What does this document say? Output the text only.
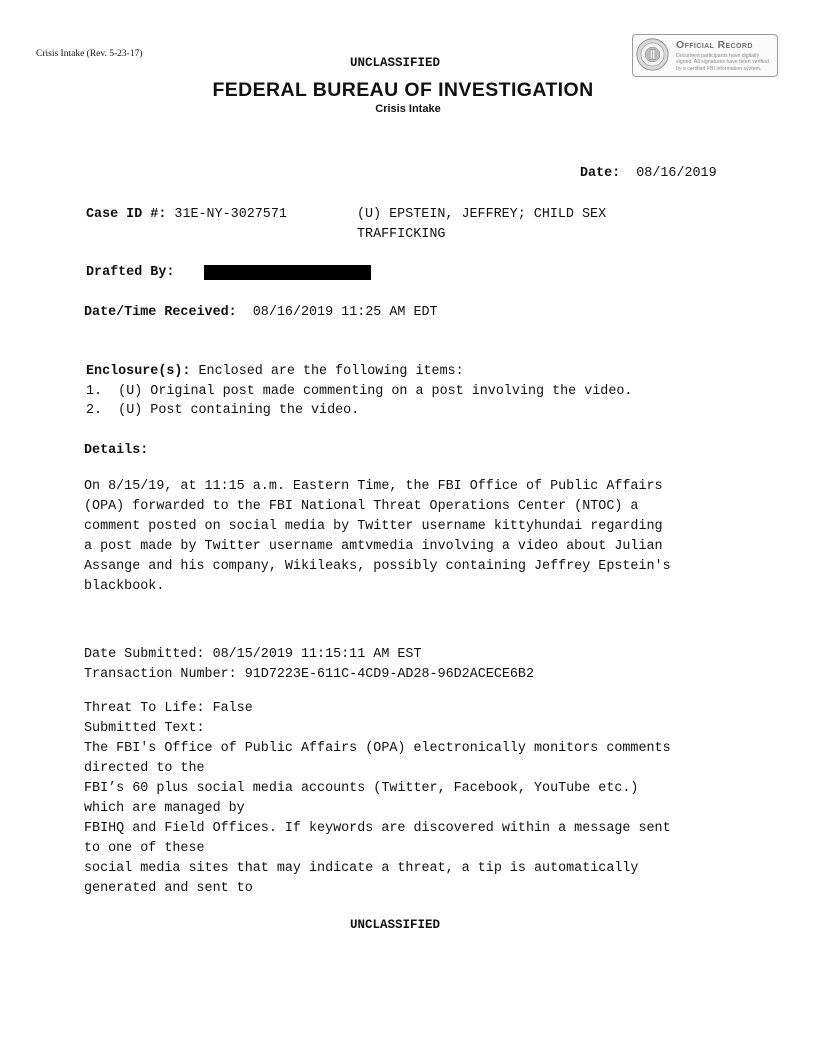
Crisis Intake (Rev. 5-23-17)
UNCLASSIFIED
FEDERAL BUREAU OF INVESTIGATION
Crisis Intake
Official Record
Document participants have digitally signed. All signatures have been verified by a certified FBI information system.
Date: 08/16/2019
Case ID #: 31E-NY-3027571	(U) EPSTEIN, JEFFREY; CHILD SEX
TRAFFICKING
Drafted By:
Date/Time Received: 08/16/2019 11:25 AM EDT
Enclosure(s): Enclosed are the following items:
1. (U) Original post made commenting on a post involving the video.
2. (U) Post containing the video.
Details:
On 8/15/19, at 11:15 a.m. Eastern Time, the FBI Office of Public Affairs
(OPA) forwarded to the FBI National Threat Operations Center (NTOC) a
comment posted on social media by Twitter username kittyhundai regarding
a post made by Twitter username amtvmedia involving a video about Julian
Assange and his company, Wikileaks, possibly containing Jeffrey Epstein's
blackbook.
Date Submitted: 08/15/2019 11:15:11 AM EST
Transaction Number: 91D7223E-611C-4CD9-AD28-96D2ACECE6B2
Threat To Life: False
Submitted Text:
The FBI's Office of Public Affairs (OPA) electronically monitors comments
directed to the
FBI’s 60 plus social media accounts (Twitter, Facebook, YouTube etc.)
which are managed by
FBIHQ and Field Offices. If keywords are discovered within a message sent
to one of these
social media sites that may indicate a threat, a tip is automatically
generated and sent to
UNCLASSIFIED
